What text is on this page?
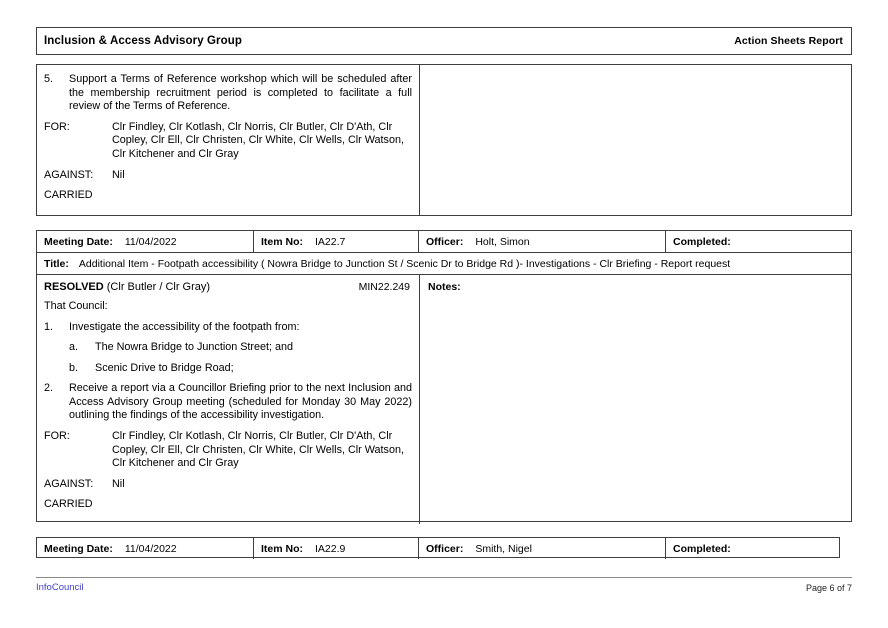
Inclusion & Access Advisory Group	Action Sheets Report
5.	Support a Terms of Reference workshop which will be scheduled after the membership recruitment period is completed to facilitate a full review of the Terms of Reference.
FOR:	Clr Findley, Clr Kotlash, Clr Norris, Clr Butler, Clr D'Ath, Clr Copley, Clr Ell, Clr Christen, Clr White, Clr Wells, Clr Watson, Clr Kitchener and Clr Gray
AGAINST:	Nil
CARRIED
Meeting Date:	11/04/2022	Item No:	IA22.7	Officer:	Holt, Simon	Completed:
Title: Additional Item - Footpath accessibility ( Nowra Bridge to Junction St / Scenic Dr to Bridge Rd )- Investigations - Clr Briefing - Report request
RESOLVED (Clr Butler / Clr Gray)	MIN22.249
That Council:
1.	Investigate the accessibility of the footpath from:
a.	The Nowra Bridge to Junction Street; and
b.	Scenic Drive to Bridge Road;
2.	Receive a report via a Councillor Briefing prior to the next Inclusion and Access Advisory Group meeting (scheduled for Monday 30 May 2022) outlining the findings of the accessibility investigation.
FOR:	Clr Findley, Clr Kotlash, Clr Norris, Clr Butler, Clr D'Ath, Clr Copley, Clr Ell, Clr Christen, Clr White, Clr Wells, Clr Watson, Clr Kitchener and Clr Gray
AGAINST:	Nil
CARRIED
Notes:
Meeting Date:	11/04/2022	Item No:	IA22.9	Officer:	Smith, Nigel	Completed:
InfoCouncil	Page 6 of 7
